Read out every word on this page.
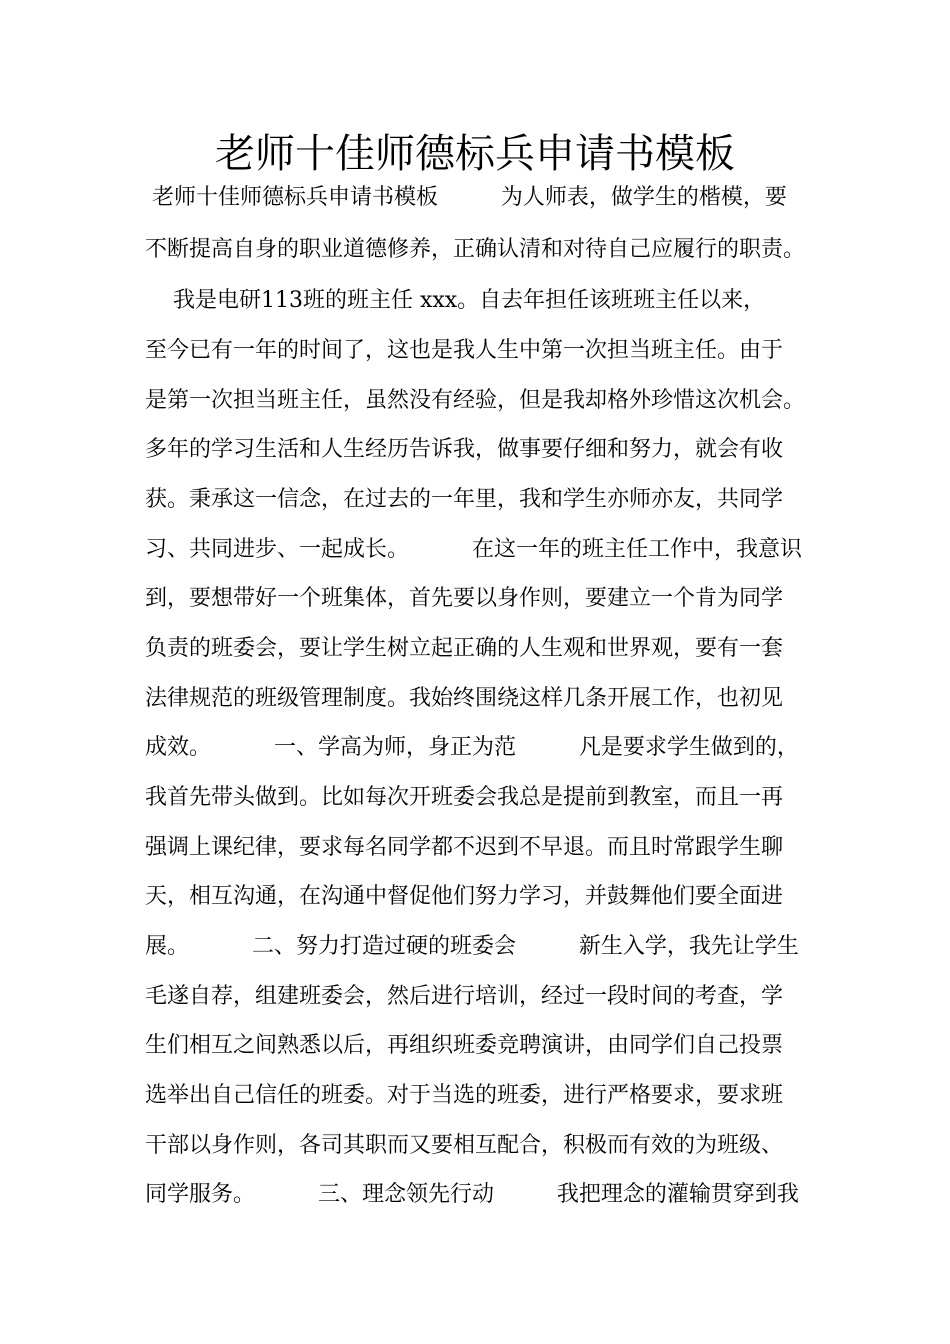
老师十佳师德标兵申请书模板
老师十佳师德标兵申请书模板         为人师表，做学生的楷模，要
不断提高自身的职业道德修养，正确认清和对待自己应履行的职责。
我是电研113班的班主任 xxx。自去年担任该班班主任以来，
至今已有一年的时间了，这也是我人生中第一次担当班主任。由于
是第一次担当班主任，虽然没有经验，但是我却格外珍惜这次机会。
多年的学习生活和人生经历告诉我，做事要仔细和努力，就会有收
获。秉承这一信念，在过去的一年里，我和学生亦师亦友，共同学
习、共同进步、一起成长。         在这一年的班主任工作中，我意识
到，要想带好一个班集体，首先要以身作则，要建立一个肯为同学
负责的班委会，要让学生树立起正确的人生观和世界观，要有一套
法律规范的班级管理制度。我始终围绕这样几条开展工作，也初见
成效。         一、学高为师，身正为范         凡是要求学生做到的，
我首先带头做到。比如每次开班委会我总是提前到教室，而且一再
强调上课纪律，要求每名同学都不迟到不早退。而且时常跟学生聊
天，相互沟通，在沟通中督促他们努力学习，并鼓舞他们要全面进
展。         二、努力打造过硬的班委会         新生入学，我先让学生
毛遂自荐，组建班委会，然后进行培训，经过一段时间的考查，学
生们相互之间熟悉以后，再组织班委竞聘演讲，由同学们自己投票
选举出自己信任的班委。对于当选的班委，进行严格要求，要求班
干部以身作则，各司其职而又要相互配合，积极而有效的为班级、
同学服务。         三、理念领先行动         我把理念的灌输贯穿到我
